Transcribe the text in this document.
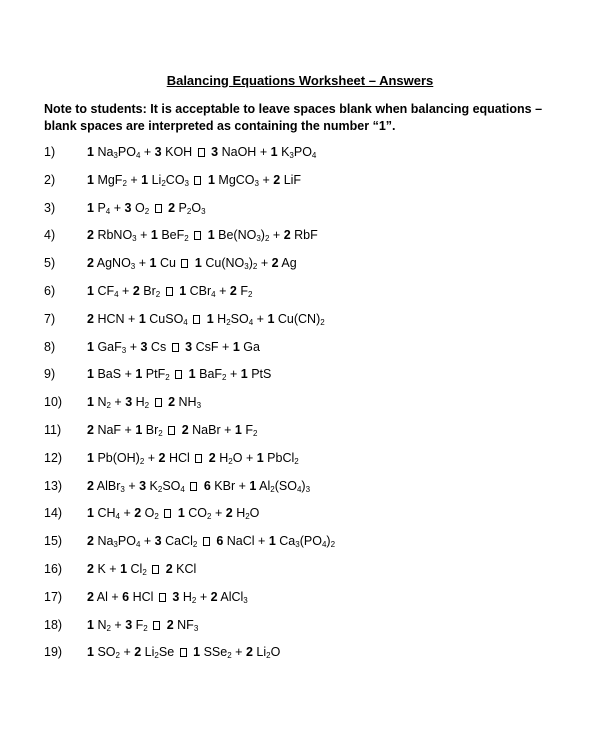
Balancing Equations Worksheet – Answers
Note to students: It is acceptable to leave spaces blank when balancing equations – blank spaces are interpreted as containing the number “1”.
1)	1 $Na_3PO_4 + 3$ KOH 3 NaOH + 1 $K_3PO_4$
2)	1 MgF$_2$ + 1 $Li_2CO_3$ 1 MgCO$_3$ + 2 LiF
3)	1 $P_4 + 3$ $O_2$ 2 $P_2O_3$
4)	2 RbNO$_3$ + 1 BeF$_2$ 1 $Be(NO_3)_2 + 2$ RbF
5)	2 AgNO$_3$ + 1 Cu 1 $Cu(NO_3)_2 + 2$ Ag
6)	1 $CF_4 + 2$ $Br_2$ 1 CBr$_4$ + 2 $F_2$
7)	2 HCN + 1 CuSO$_4$ 1 $H_2SO_4 + 1$ $Cu(CN)_2$
8)	1 GaF$_3$ + 3 Cs 3 CsF + 1 Ga
9)	1 BaS + 1 PtF$_2$ 1 BaF$_2$ + 1 PtS
10) 1 $N_2 + 3$ $H_2$ 2 $NH_3$
11) 2 NaF + 1 $Br_2$ 2 NaBr + 1 $F_2$
12) 1 $Pb(OH)_2 + 2$ HCl 2 $H_2O + 1$ PbCl$_2$
13) 2 AlBr$_3$ + 3 $K_2SO_4$ 6 KBr + 1 $Al_2(SO_4)_3$
14) 1 $CH_4 + 2$ $O_2$ 1 $CO_2 + 2$ $H_2O$
15) 2 $Na_3PO_4 + 3$ CaCl$_2$ 6 NaCl + 1 $Ca_3(PO_4)_2$
16) 2 K + 1 $Cl_2$ 2 KCl
17) 2 Al + 6 HCl 3 $H_2 + 2$ AlCl$_3$
18) 1 $N_2 + 3$ $F_2$ 2 $NF_3$
19) 1 $SO_2 + 2$ $Li_2Se$ 1 SSe$_2$ + 2 $Li_2O$
